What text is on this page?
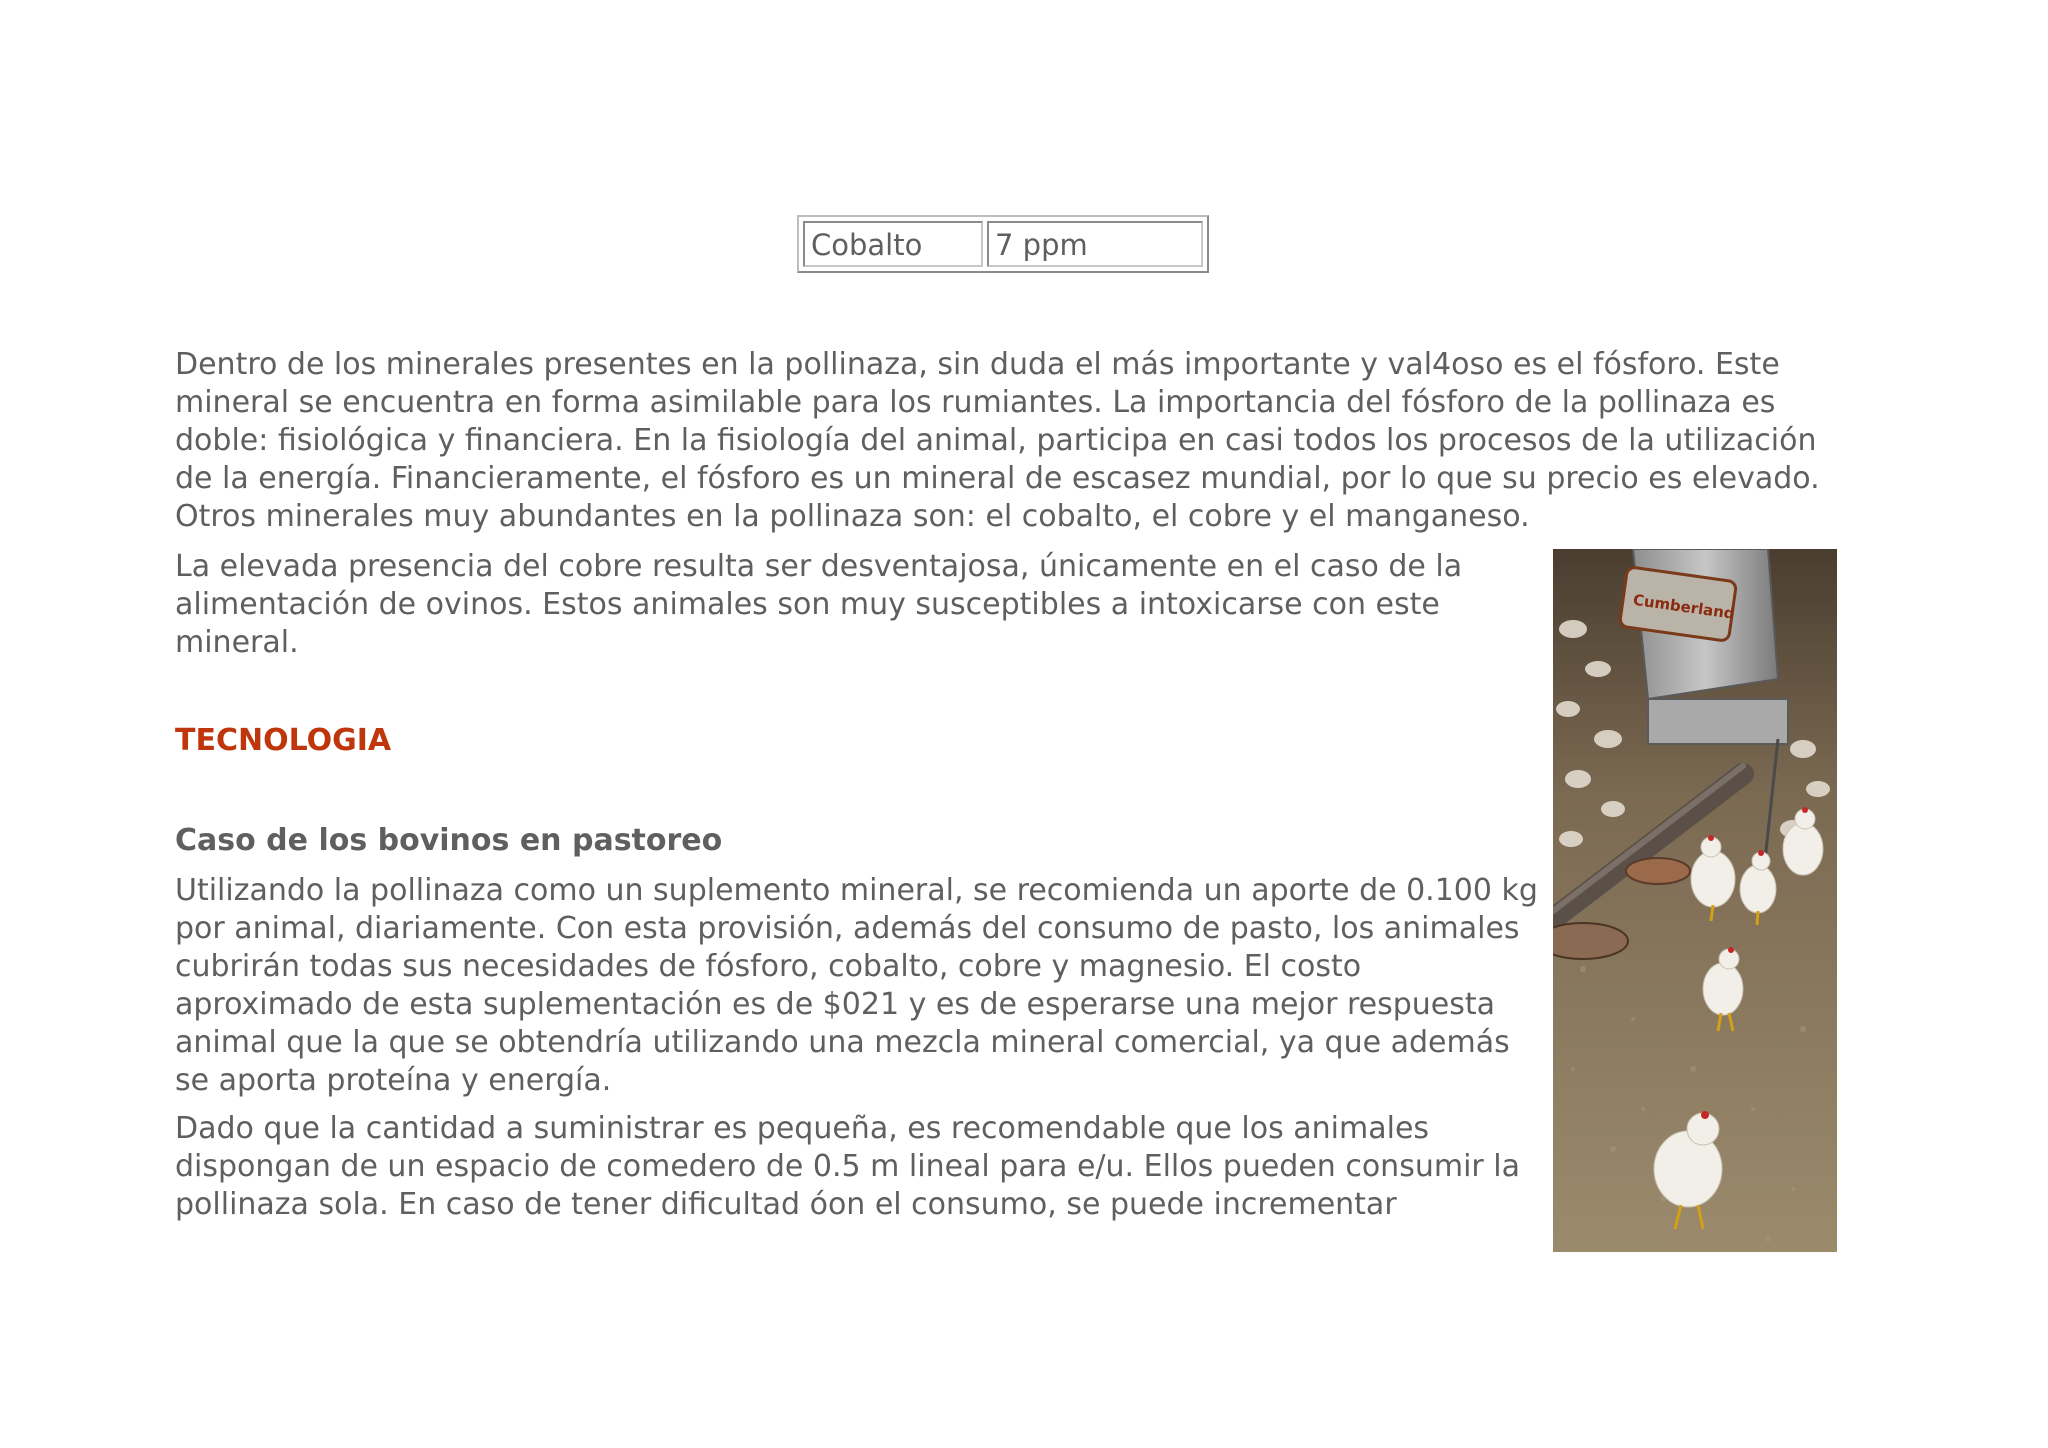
Cobalto	7 ppm

Dentro de los minerales presentes en la pollinaza, sin duda el más importante y val4oso es el fósforo. Este mineral se encuentra en forma asimilable para los rumiantes. La importancia del fósforo de la pollinaza es doble: fisiológica y financiera. En la fisiología del animal, participa en casi todos los procesos de la utilización de la energía. Financieramente, el fósforo es un mineral de escasez mundial, por lo que su precio es elevado. Otros minerales muy abundantes en la pollinaza son: el cobalto, el cobre y el manganeso.

La elevada presencia del cobre resulta ser desventajosa, únicamente en el caso de la alimentación de ovinos. Estos animales son muy susceptibles a intoxicarse con este mineral.

TECNOLOGIA
Caso de los bovinos en pastoreo

Utilizando la pollinaza como un suplemento mineral, se recomienda un aporte de 0.100 kg por animal, diariamente. Con esta provisión, además del consumo de pasto, los animales cubrirán todas sus necesidades de fósforo, cobalto, cobre y magnesio. El costo aproximado de esta suplementación es de $021 y es de esperarse una mejor respuesta animal que la que se obtendría utilizando una mezcla mineral comercial, ya que además se aporta proteína y energía.

Dado que la cantidad a suministrar es pequeña, es recomendable que los animales dispongan de un espacio de comedero de 0.5 m lineal para e/u. Ellos pueden consumir la pollinaza sola. En caso de tener dificultad óon el consumo, se puede incrementar

Cumberland
